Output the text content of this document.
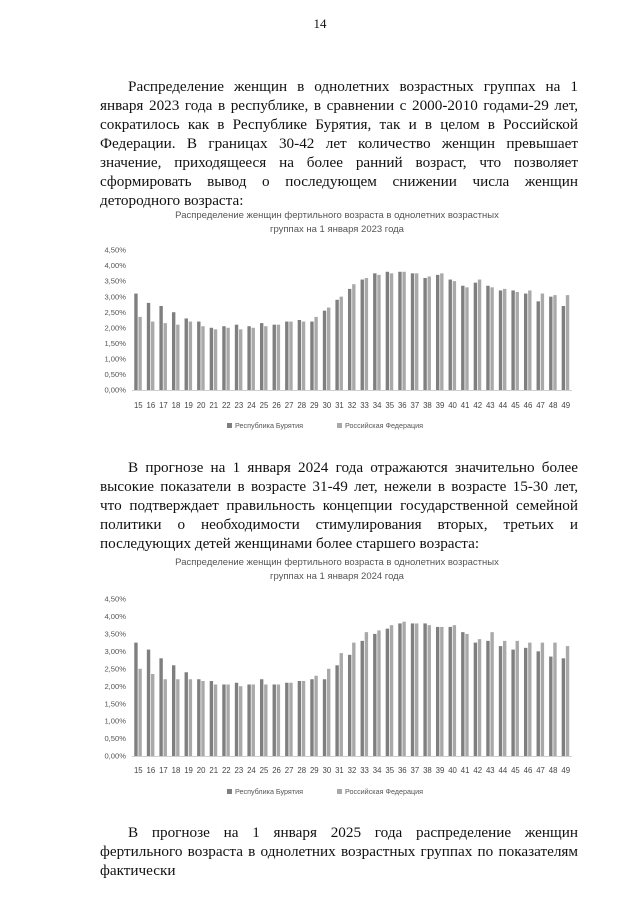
14

Распределение женщин в однолетних возрастных группах на 1 января 2023 года в республике, в сравнении с 2000-2010 годами-29 лет, сократилось как в Республике Бурятия, так и в целом в Российской Федерации. В границах 30-42 лет количество женщин превышает значение, приходящееся на более ранний возраст, что позволяет сформировать вывод о последующем снижении числа женщин детородного возраста:

Распределение женщин фертильного возраста в однолетних возрастных
группах на 1 января 2023 года
0,00%
0,50%
1,00%
1,50%
2,00%
2,50%
3,00%
3,50%
4,00%
4,50%
15 16 17 18 19 20 21 22 23 24 25 26 27 28 29 30 31 32 33 34 35 36 37 38 39 40 41 42 43 44 45 46 47 48 49
Республика Бурятия	Российская Федерация

В прогнозе на 1 января 2024 года отражаются значительно более высокие показатели в возрасте 31-49 лет, нежели в возрасте 15-30 лет, что подтверждает правильность концепции государственной семейной политики о необходимости стимулирования вторых, третьих и последующих детей женщинами более старшего возраста:

Распределение женщин фертильного возраста в однолетних возрастных
группах на 1 января 2024 года
0,00%
0,50%
1,00%
1,50%
2,00%
2,50%
3,00%
3,50%
4,00%
4,50%
15 16 17 18 19 20 21 22 23 24 25 26 27 28 29 30 31 32 33 34 35 36 37 38 39 40 41 42 43 44 45 46 47 48 49
Республика Бурятия	Российская Федерация

В прогнозе на 1 января 2025 года распределение женщин фертильного возраста в однолетних возрастных группах по показателям фактически
